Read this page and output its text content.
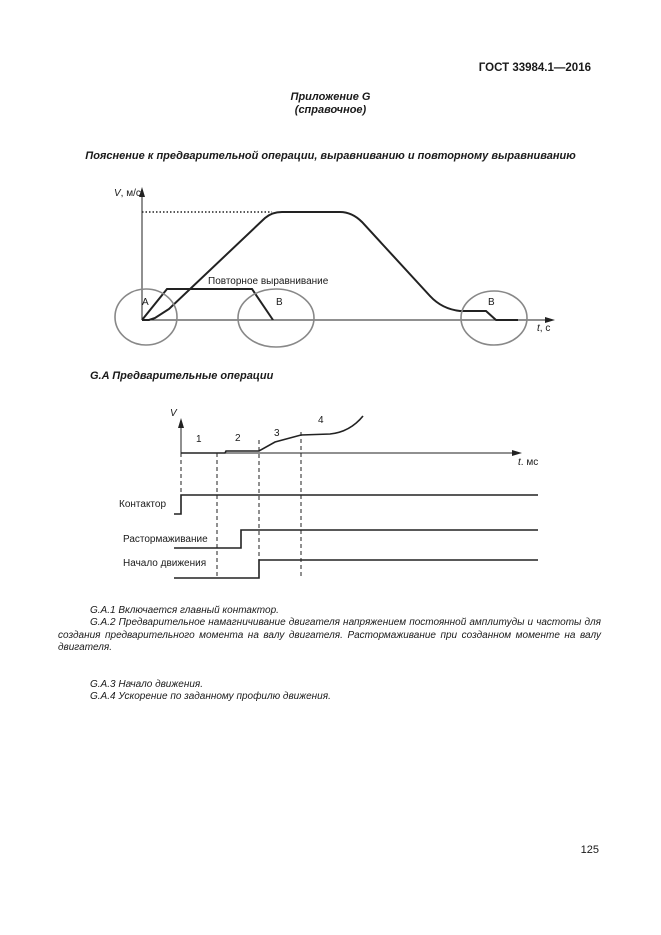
ГОСТ 33984.1—2016
Приложение G
(справочное)
Пояснение к предварительной операции, выравниванию и повторному выравниванию
A	B	B
Повторное выравнивание
V, м/с
t, с
G.A Предварительные операции
V
t. мс
1	2	3
4
Контактор
Растормаживание
Начало движения

G.A.1 Включается главный контактор.

G.A.2 Предварительное намагничивание двигателя напряжением постоянной амплитуды и частоты для создания предварительного момента на валу двигателя. Растормаживание при созданном моменте на валу двигателя.

G.A.3 Начало движения.

G.A.4 Ускорение по заданному профилю движения.

125
